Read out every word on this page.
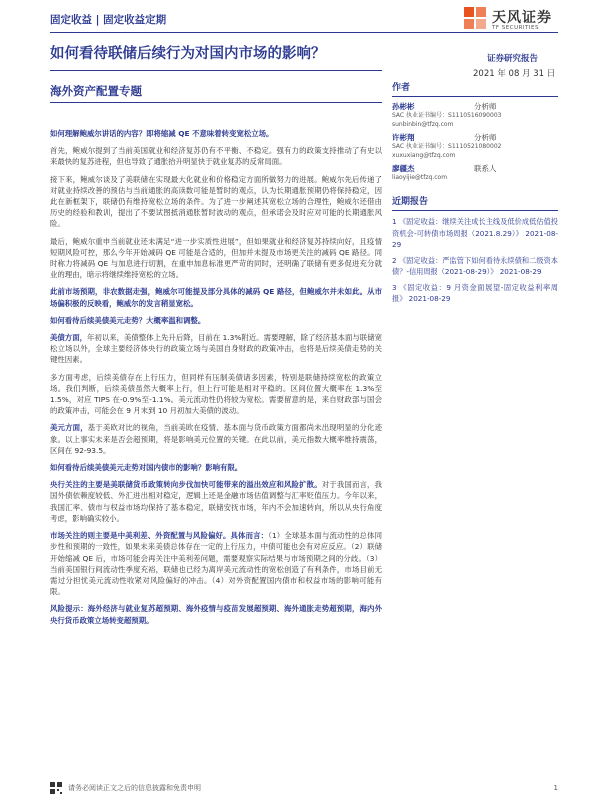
固定收益 | 固定收益定期	天风证券
TF SECURITIES
如何看待联储后续行为对国内市场的影响？	证券研究报告
2021 年 08 月 31 日
海外资产配置专题

如何理解鲍威尔讲话的内容？即将缩减 QE 不意味着转变宽松立场。

首先，鲍威尔提到了当前美国就业和经济复苏仍有不平衡、不稳定。强有力的政策支持推动了有史以来最快的复苏进程，但也导致了通胀抬升明显快于就业复苏的反常局面。

接下来，鲍威尔谈及了美联储在实现最大化就业和价格稳定方面所做努力的进展。鲍威尔先后传递了对就业持续改善的预估与当前通胀的高读数可能是暂时的观点，认为长期通胀预期仍将保持稳定，因此在新框架下，联储仍有维持宽松立场的条件。为了进一步阐述其宽松立场的合理性，鲍威尔还借由历史的经验和教训，提出了不要试图抵消通胀暂时波动的观点，但承诺会及时应对可能的长期通胀风险。

最后，鲍威尔重申当前就业还未满足“进一步实质性进展”，但如果就业和经济复苏持续向好，且疫情短期风险可控，那么今年开始减码 QE 可能是合适的，但加并未提及市场更关注的减码 QE 路径。同时称力将减码 QE 与加息进行切割，在重申加息标准更严苛的同时，还明确了联储有更多促进充分就业的理由，暗示将继续维持宽松的立场。

此前市场预期，非农数据走强，鲍威尔可能提及部分具体的减码 QE 路径，但鲍威尔并未如此。从市场偏积极的反映看，鲍威尔的发言稍显宽松。

如何看待后续美债美元走势？大概率温和调整。

美债方面，年初以来，美债整体上先升后降，目前在 1.3%附近。需要理解，除了经济基本面与联储宽松立场以外，全球主要经济体央行的政策立场与美国自身财政的政策冲击，也将是后续美债走势的关键性因素。

多方面考虑，后续美债存在上行压力，但同样有压制美债诸多因素，特别是联储持续宽松的政策立场。我们判断，后续美债虽然大概率上行，但上行可能是相对平稳的。区间位置大概率在 1.3%至 1.5%，对应 TIPS 在-0.9%至-1.1%。美元流动性仍将较为宽松。需要留意的是，来自财政部与国会的政策冲击，可能会在 9 月末到 10 月初加大美债的波动。

美元方面，基于美欧对比的视角，当前美欧在疫情、基本面与货币政策方面都尚未出现明显的分化迹象。以上事实未来是否会超预期，将是影响美元位置的关键。在此以前，美元指数大概率维持震荡，区间在 92-93.5。

如何看待后续美债美元走势对国内债市的影响？影响有限。

央行关注的主要是美联储货币政策转向步伐加快可能带来的溢出效应和风险扩散。对于我国而言，我国外债依赖度较低、外汇进出相对稳定，逻辑上还是金融市场估值调整与汇率贬值压力。今年以来，我国汇率、债市与权益市场均保持了基本稳定，联储安抚市场，年内不会加速转向，所以从央行角度考虑，影响确实较小。

市场关注的则主要是中美利差、外资配置与风险偏好。具体而言：（1）全球基本面与流动性的总体同步性和预期的一致性，如果未来美债总体存在一定的上行压力，中债可能也会有对应反应。（2）联储开始缩减 QE 后，市场可能会再关注中美利差问题，需要观察实际结果与市场预期之间的分歧。（3）当前美国银行间流动性季度充裕，联储也已经为离岸美元流动性的宽松创造了有利条件，市场目前无需过分担忧美元流动性收紧对风险偏好的冲击。（4）对外资配置国内债市和权益市场的影响可能有限。

风险提示：海外经济与就业复苏超预期、海外疫情与疫苗发展超预期、海外通胀走势超预期，海内外央行货币政策立场转变超预期。

作者
孙彬彬	分析师
SAC 执业证书编号：S1110516090003
sunbinbin@tfzq.com
许彬翔	分析师
SAC 执业证书编号：S1110521080002
xuxuxiang@tfzq.com
廖疆杰	联系人
liaoyijie@tfzq.com
近期报告
1 《固定收益：继续关注成长主线及低价成低估值投资机会-可转债市场周报（2021.8.29）》 2021-08-29
2 《固定收益：严监管下如何看待永续债和二级资本债？-信用周报（2021-08-29）》 2021-08-29
3 《固定收益：9 月资金面展望-固定收益利率周报》 2021-08-29
请务必阅读正文之后的信息披露和免责申明	1
